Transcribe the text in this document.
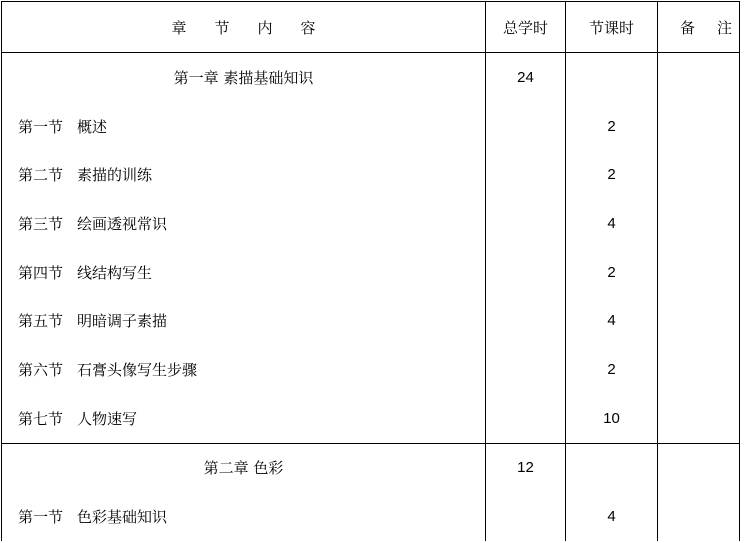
章节内容	总学时	节课时	备注
第一章 素描基础知识	24		
第一节 概述		2	
第二节 素描的训练		2	
第三节 绘画透视常识		4	
第四节 线结构写生		2	
第五节 明暗调子素描		4	
第六节 石膏头像写生步骤		2	
第七节 人物速写		10	
第二章 色彩	12		
第一节 色彩基础知识		4	
